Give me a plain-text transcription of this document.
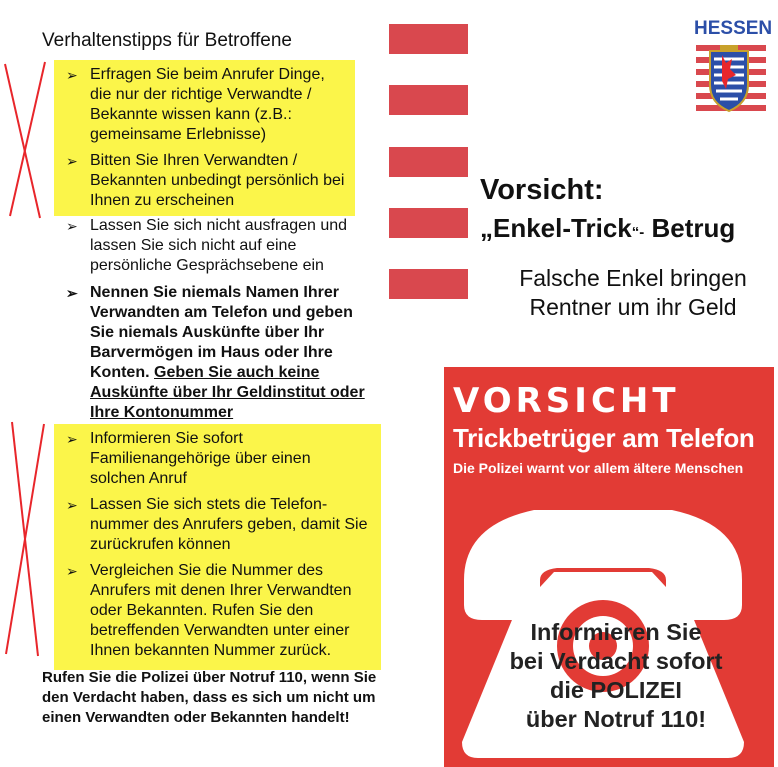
Verhaltenstipps für Betroffene
➢ Erfragen Sie beim Anrufer Dinge, die nur der richtige Verwandte / Bekannte wissen kann (z.B.: gemeinsame Erlebnisse)
➢ Bitten Sie Ihren Verwandten / Bekannten unbedingt persönlich bei Ihnen zu erscheinen
➢ Lassen Sie sich nicht ausfragen und lassen Sie sich nicht auf eine persönliche Gesprächsebene ein
➢ Nennen Sie niemals Namen Ihrer Verwandten am Telefon und geben Sie niemals Auskünfte über Ihr Barvermögen im Haus oder Ihre Konten. Geben Sie auch keine Auskünfte über Ihr Geldinstitut oder Ihre Kontonummer
➢ Informieren Sie sofort Familienangehörige über einen solchen Anruf
➢ Lassen Sie sich stets die Telefon-nummer des Anrufers geben, damit Sie zurückrufen können
➢ Vergleichen Sie die Nummer des Anrufers mit denen Ihrer Verwandten oder Bekannten. Rufen Sie den betreffenden Verwandten unter einer Ihnen bekannten Nummer zurück.
Rufen Sie die Polizei über Notruf 110, wenn Sie den Verdacht haben, dass es sich um nicht um einen Verwandten oder Bekannten handelt!
HESSEN
Vorsicht:
„Enkel-Trick“- Betrug
Falsche Enkel bringen
Rentner um ihr Geld
VORSICHT
Trickbetrüger am Telefon
Die Polizei warnt vor allem ältere Menschen
Informieren Sie
bei Verdacht sofort
die POLIZEI
über Notruf 110!
